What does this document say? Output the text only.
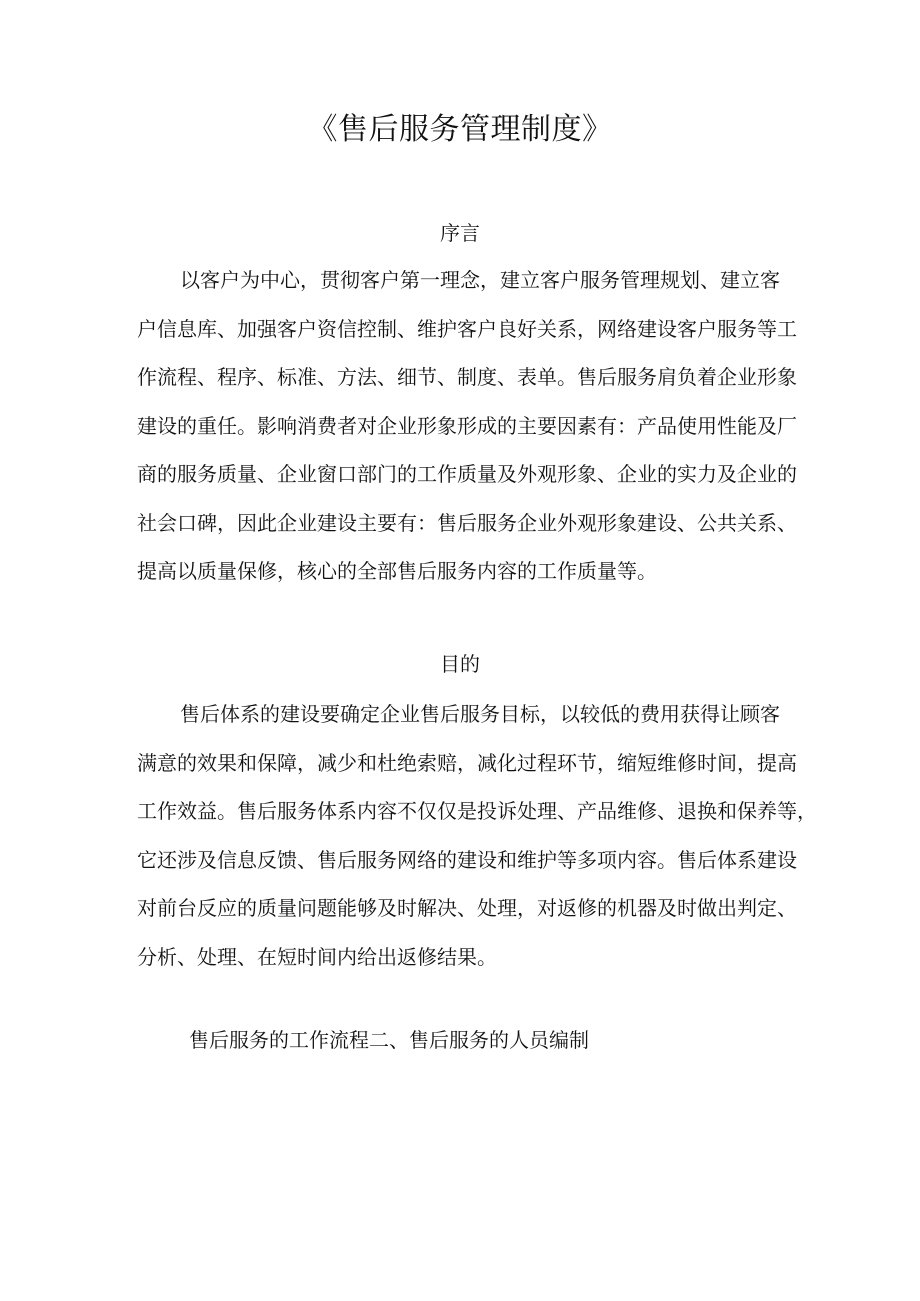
《售后服务管理制度》
序言
以客户为中心，贯彻客户第一理念，建立客户服务管理规划、建立客
户信息库、加强客户资信控制、维护客户良好关系，网络建设客户服务等工
作流程、程序、标准、方法、细节、制度、表单。售后服务肩负着企业形象
建设的重任。影响消费者对企业形象形成的主要因素有：产品使用性能及厂
商的服务质量、企业窗口部门的工作质量及外观形象、企业的实力及企业的
社会口碑，因此企业建设主要有：售后服务企业外观形象建设、公共关系、
提高以质量保修，核心的全部售后服务内容的工作质量等。
目的
售后体系的建设要确定企业售后服务目标，以较低的费用获得让顾客
满意的效果和保障，减少和杜绝索赔，减化过程环节，缩短维修时间，提高
工作效益。售后服务体系内容不仅仅是投诉处理、产品维修、退换和保养等，
它还涉及信息反馈、售后服务网络的建设和维护等多项内容。售后体系建设
对前台反应的质量问题能够及时解决、处理，对返修的机器及时做出判定、
分析、处理、在短时间内给出返修结果。

售后服务的工作流程二、售后服务的人员编制
